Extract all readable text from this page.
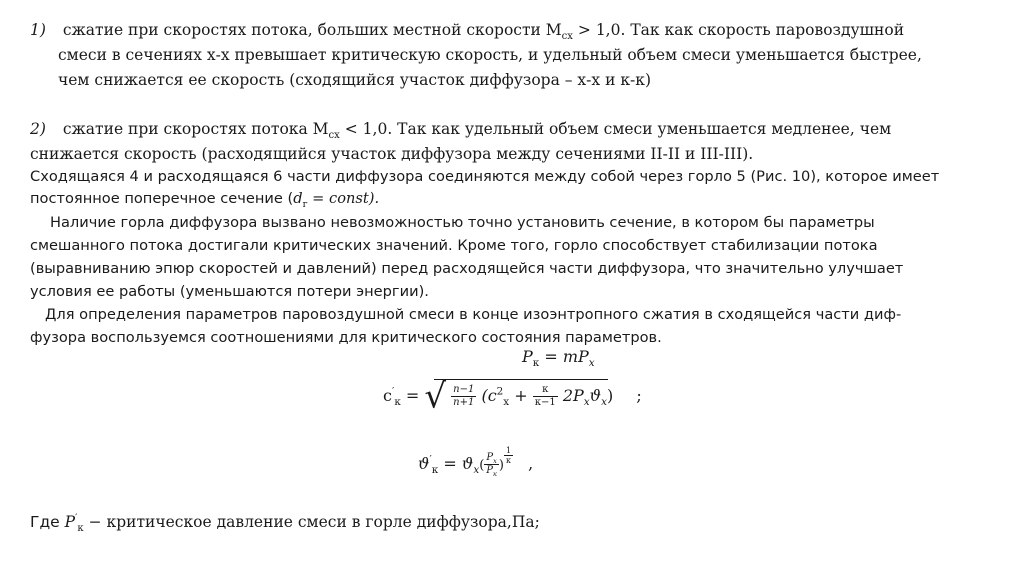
1) сжатие при скоростях потока, больших местной скорости $M_{cx} > 1,0$. Так как скорость паровоздушной
смеси в сечениях х-х превышает критическую скорость, и удельный объем смеси уменьшается быстрее,
чем снижается ее скорость (сходящийся участок диффузора – х-х и к-к)
2) сжатие при скоростях потока $M_{cx} < 1,0$. Так как удельный объем смеси уменьшается медленее, чем
снижается скорость (расходящийся участок диффузора между сечениями II-II и III-III).
Сходящаяся 4 и расходящаяся 6 части диффузора соединяются между собой через горло 5 (Рис. 10), которое имеет
постоянное поперечное сечение ($d_г$ = const).
Наличие горла диффузора вызвано невозможностью точно установить сечение, в котором бы параметры
смешанного потока достигали критических значений. Кроме того, горло способствует стабилизации потока
(выравниванию эпюр скоростей и давлений) перед расходящейся части диффузора, что значительно улучшает
условия ее работы (уменьшаются потери энергии).
Для определения параметров паровоздушной смеси в конце изоэнтропного сжатия в сходящейся части диф-
фузора воспользуемся соотношениями для критического состояния параметров.
$P_к = mP_x$
$c'_к$ = √ $\frac{n-1}{n+1} (c^2_x + \frac{к}{к-1} 2P_xϑ_x)$ ;
$ϑ'_к = ϑ_x( \frac{P_x}{P_к}$ )
$\frac{1}{к}$ ,
Где $P'_к$ − критическое давление смеси в горле диффузора,Па;
